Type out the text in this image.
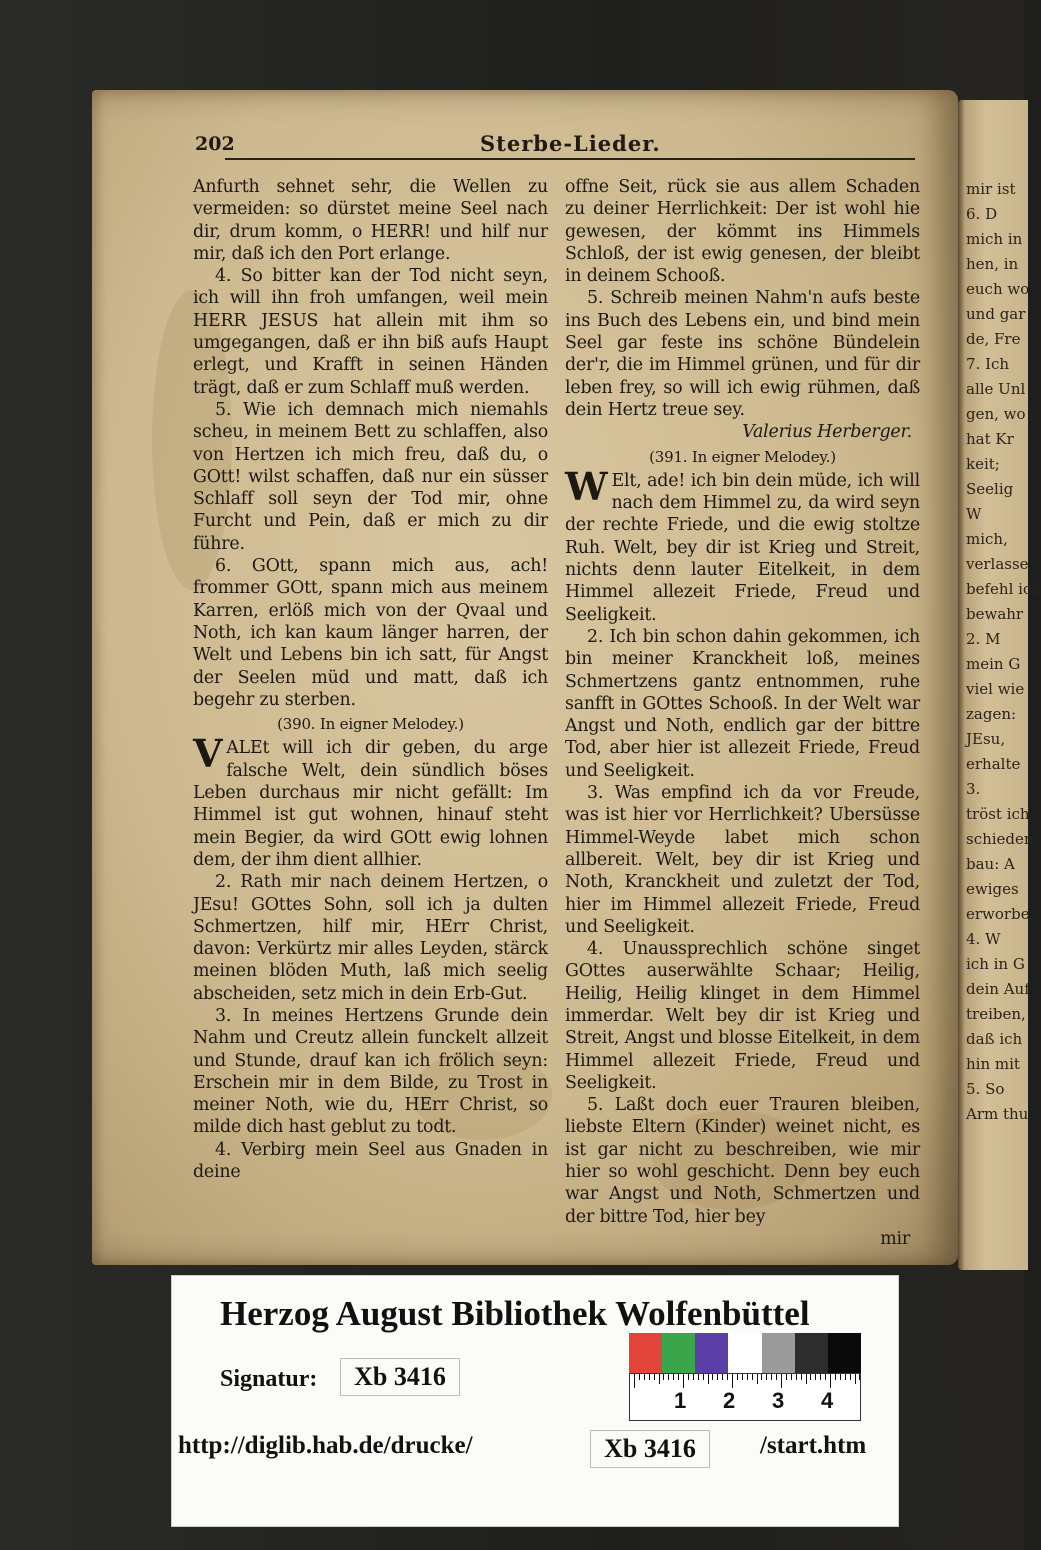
mir ist
6. D
mich in
hen, in
euch wo
und gar
de, Fre
7. Ich
alle Unl
gen, wo
hat Kr
keit;
Seelig
W
mich,
verlasse
befehl ich
bewahr
2. M
mein G
viel wie
zagen:
JEsu,
erhalte
3.
tröst ich
schieden
bau: A
ewiges
erworbe
4. W
ich in G
dein Auf
treiben,
daß ich
hin mit
5. So
Arm thu
202	Sterbe-Lieder.

Anfurth sehnet sehr, die Wellen zu vermeiden: so dürstet meine Seel nach dir, drum komm, o HERR! und hilf nur mir, daß ich den Port erlange.

4. So bitter kan der Tod nicht seyn, ich will ihn froh umfangen, weil mein HERR JESUS hat allein mit ihm so umgegangen, daß er ihn biß aufs Haupt erlegt, und Krafft in seinen Händen trägt, daß er zum Schlaff muß werden.

5. Wie ich demnach mich niemahls scheu, in meinem Bett zu schlaffen, also von Hertzen ich mich freu, daß du, o GOtt! wilst schaffen, daß nur ein süsser Schlaff soll seyn der Tod mir, ohne Furcht und Pein, daß er mich zu dir führe.

6. GOtt, spann mich aus, ach! frommer GOtt, spann mich aus meinem Karren, erlöß mich von der Qvaal und Noth, ich kan kaum länger harren, der Welt und Lebens bin ich satt, für Angst der Seelen müd und matt, daß ich begehr zu sterben.

(390. In eigner Melodey.)

V ALEt will ich dir geben, du arge falsche Welt, dein sündlich böses Leben durchaus mir nicht gefällt: Im Himmel ist gut wohnen, hinauf steht mein Begier, da wird GOtt ewig lohnen dem, der ihm dient allhier.

2. Rath mir nach deinem Hertzen, o JEsu! GOttes Sohn, soll ich ja dulten Schmertzen, hilf mir, HErr Christ, davon: Verkürtz mir alles Leyden, stärck meinen blöden Muth, laß mich seelig abscheiden, setz mich in dein Erb-Gut.

3. In meines Hertzens Grunde dein Nahm und Creutz allein funckelt allzeit und Stunde, drauf kan ich frölich seyn: Erschein mir in dem Bilde, zu Trost in meiner Noth, wie du, HErr Christ, so milde dich hast geblut zu todt.

4. Verbirg mein Seel aus Gnaden in deine

offne Seit, rück sie aus allem Schaden zu deiner Herrlichkeit: Der ist wohl hie gewesen, der kömmt ins Himmels Schloß, der ist ewig genesen, der bleibt in deinem Schooß.

5. Schreib meinen Nahm'n aufs beste ins Buch des Lebens ein, und bind mein Seel gar feste ins schöne Bündelein der'r, die im Himmel grünen, und für dir leben frey, so will ich ewig rühmen, daß dein Hertz treue sey.

Valerius Herberger.

(391. In eigner Melodey.)

W Elt, ade! ich bin dein müde, ich will nach dem Himmel zu, da wird seyn der rechte Friede, und die ewig stoltze Ruh. Welt, bey dir ist Krieg und Streit, nichts denn lauter Eitelkeit, in dem Himmel allezeit Friede, Freud und Seeligkeit.

2. Ich bin schon dahin gekommen, ich bin meiner Kranckheit loß, meines Schmertzens gantz entnommen, ruhe sanfft in GOttes Schooß. In der Welt war Angst und Noth, endlich gar der bittre Tod, aber hier ist allezeit Friede, Freud und Seeligkeit.

3. Was empfind ich da vor Freude, was ist hier vor Herrlichkeit? Ubersüsse Himmel-Weyde labet mich schon allbereit. Welt, bey dir ist Krieg und Noth, Kranckheit und zuletzt der Tod, hier im Himmel allezeit Friede, Freud und Seeligkeit.

4. Unaussprechlich schöne singet GOttes auserwählte Schaar; Heilig, Heilig, Heilig klinget in dem Himmel immerdar. Welt bey dir ist Krieg und Streit, Angst und blosse Eitelkeit, in dem Himmel allezeit Friede, Freud und Seeligkeit.

5. Laßt doch euer Trauren bleiben, liebste Eltern (Kinder) weinet nicht, es ist gar nicht zu beschreiben, wie mir hier so wohl geschicht. Denn bey euch war Angst und Noth, Schmertzen und der bittre Tod, hier bey

mir

Herzog August Bibliothek Wolfenbüttel
Signatur:	Xb 3416
1 2 3 4
http://diglib.hab.de/drucke/	Xb 3416	/start.htm
